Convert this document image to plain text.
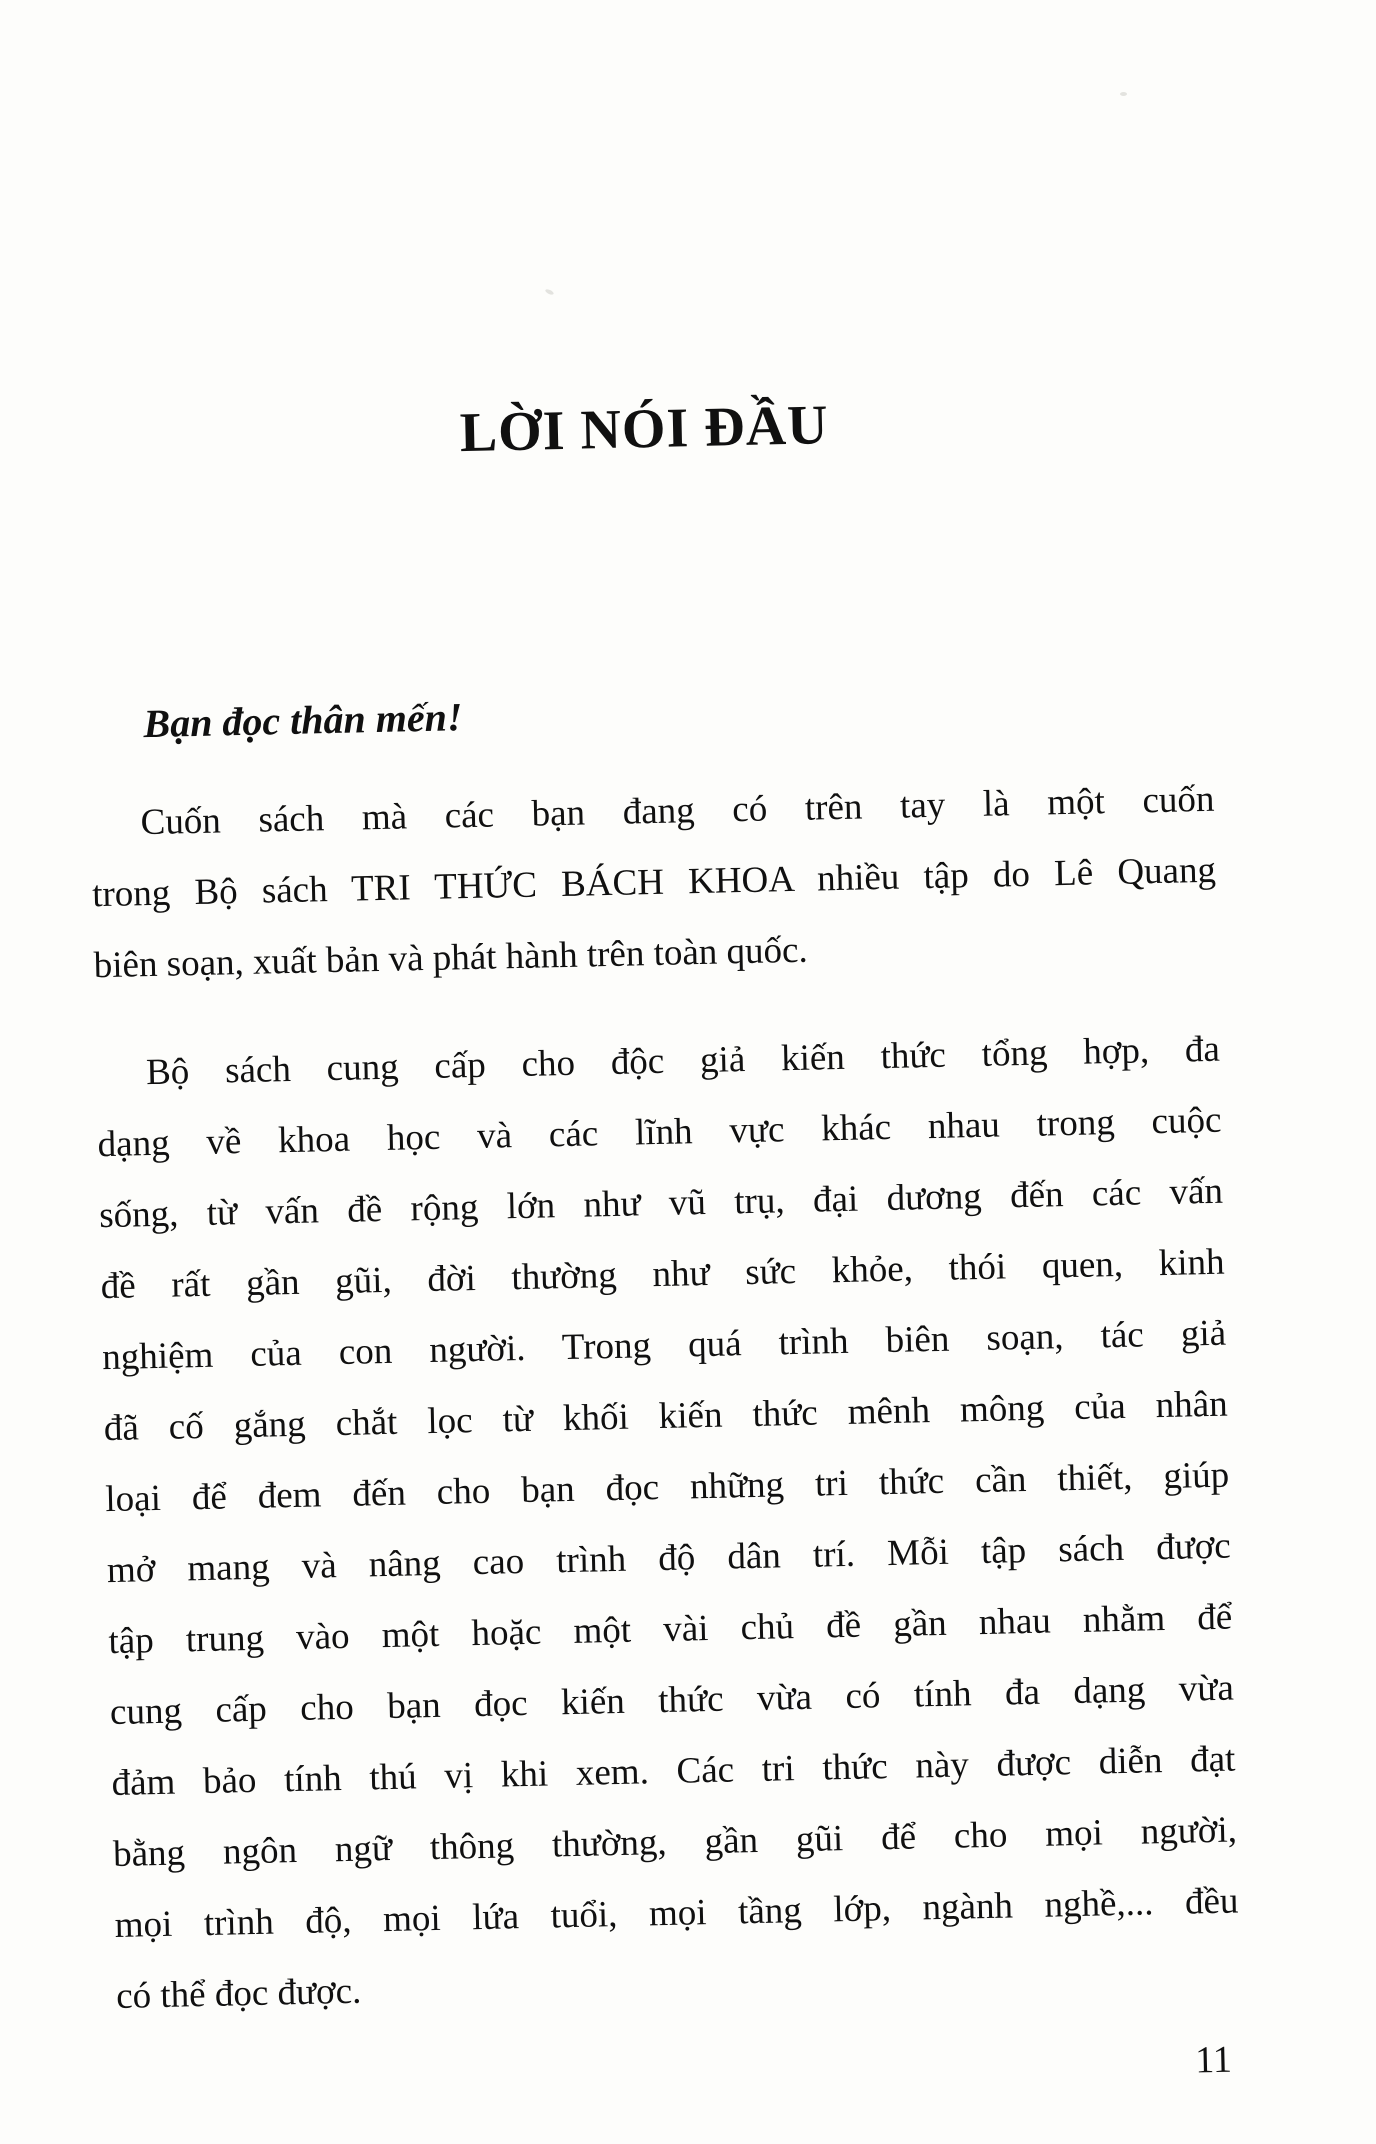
LỜI NÓI ĐẦU

Bạn đọc thân mến!

Cuốn sách mà các bạn đang có trên tay là một cuốn
trong Bộ sách TRI THỨC BÁCH KHOA nhiều tập do Lê Quang
biên soạn, xuất bản và phát hành trên toàn quốc.
Bộ sách cung cấp cho độc giả kiến thức tổng hợp, đa
dạng về khoa học và các lĩnh vực khác nhau trong cuộc
sống, từ vấn đề rộng lớn như vũ trụ, đại dương đến các vấn
đề rất gần gũi, đời thường như sức khỏe, thói quen, kinh
nghiệm của con người. Trong quá trình biên soạn, tác giả
đã cố gắng chắt lọc từ khối kiến thức mênh mông của nhân
loại để đem đến cho bạn đọc những tri thức cần thiết, giúp
mở mang và nâng cao trình độ dân trí. Mỗi tập sách được
tập trung vào một hoặc một vài chủ đề gần nhau nhằm để
cung cấp cho bạn đọc kiến thức vừa có tính đa dạng vừa
đảm bảo tính thú vị khi xem. Các tri thức này được diễn đạt
bằng ngôn ngữ thông thường, gần gũi để cho mọi người,
mọi trình độ, mọi lứa tuổi, mọi tầng lớp, ngành nghề,... đều
có thể đọc được.
11
